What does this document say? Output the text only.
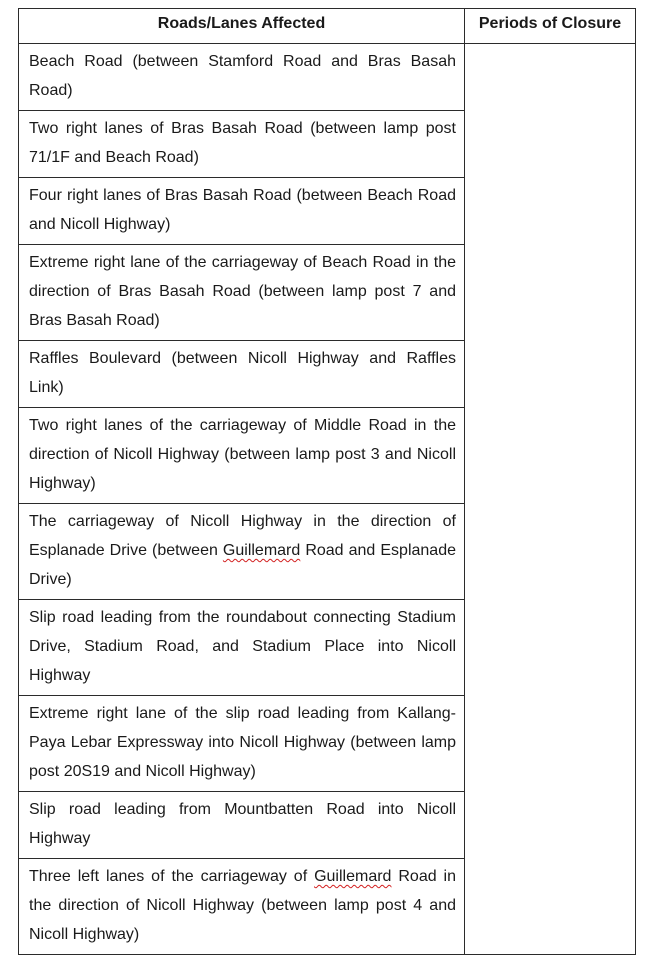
Roads/Lanes Affected	Periods of Closure
Beach Road (between Stamford Road and Bras Basah Road)	
Two right lanes of Bras Basah Road (between lamp post 71/1F and Beach Road)	
Four right lanes of Bras Basah Road (between Beach Road and Nicoll Highway)	
Extreme right lane of the carriageway of Beach Road in the direction of Bras Basah Road (between lamp post 7 and Bras Basah Road)	
Raffles Boulevard (between Nicoll Highway and Raffles Link)	
Two right lanes of the carriageway of Middle Road in the direction of Nicoll Highway (between lamp post 3 and Nicoll Highway)	
The carriageway of Nicoll Highway in the direction of Esplanade Drive (between Guillemard Road and Esplanade Drive)	
Slip road leading from the roundabout connecting Stadium Drive, Stadium Road, and Stadium Place into Nicoll Highway	
Extreme right lane of the slip road leading from Kallang-Paya Lebar Expressway into Nicoll Highway (between lamp post 20S19 and Nicoll Highway)	
Slip road leading from Mountbatten Road into Nicoll Highway	
Three left lanes of the carriageway of Guillemard Road in the direction of Nicoll Highway (between lamp post 4 and Nicoll Highway)	
